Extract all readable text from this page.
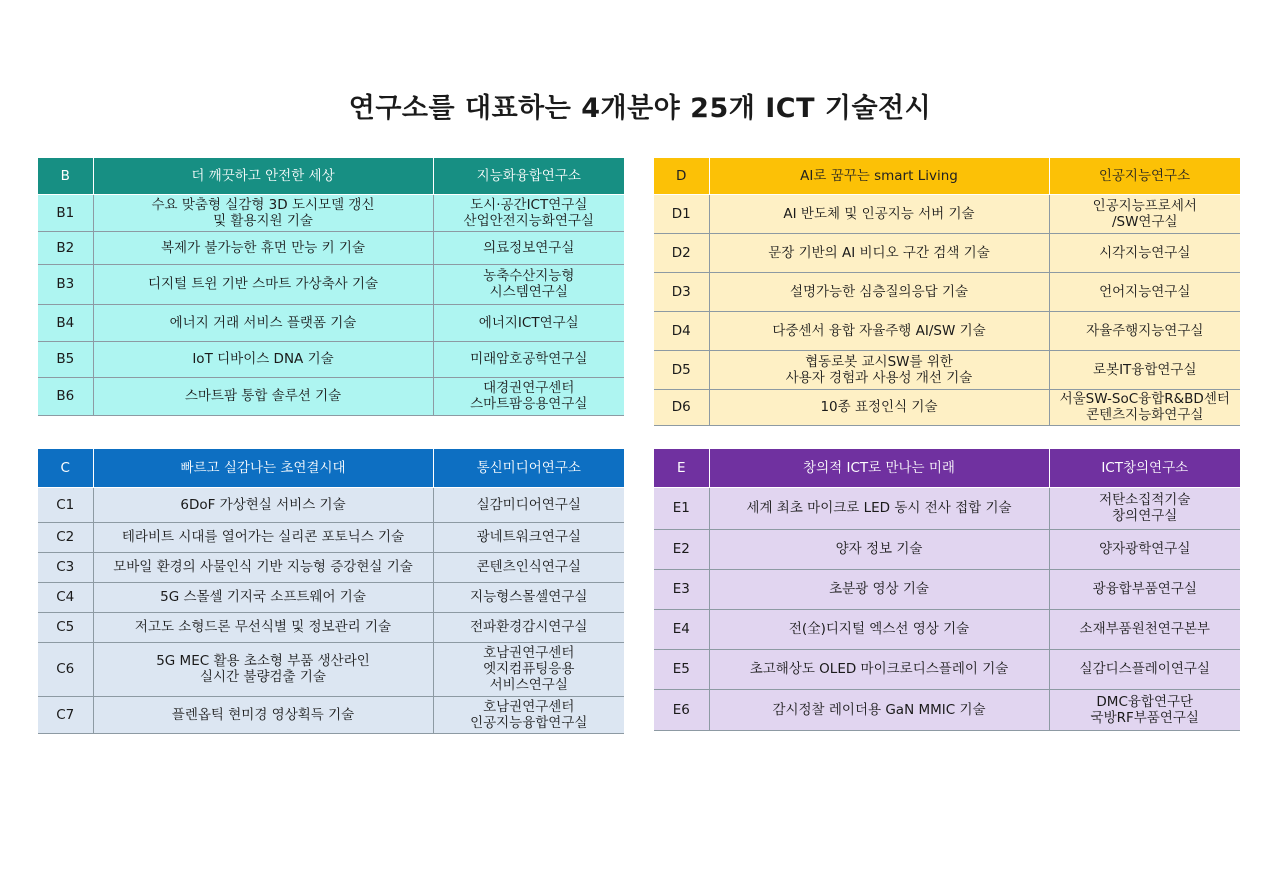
연구소를 대표하는 4개분야 25개 ICT 기술전시
B	더 깨끗하고 안전한 세상	지능화융합연구소
B1	수요 맞춤형 실감형 3D 도시모델 갱신
및 활용지원 기술	도시·공간ICT연구실
산업안전지능화연구실

B2	복제가 불가능한 휴먼 만능 키 기술	의료정보연구실

B3	디지털 트윈 기반 스마트 가상축사 기술	농축수산지능형
시스템연구실

B4	에너지 거래 서비스 플랫폼 기술	에너지ICT연구실

B5	IoT 디바이스 DNA 기술	미래암호공학연구실

B6	스마트팜 통합 솔루션 기술	대경권연구센터
스마트팜응용연구실
D	AI로 꿈꾸는 smart Living	인공지능연구소
D1	AI 반도체 및 인공지능 서버 기술	인공지능프로세서
/SW연구실

D2	문장 기반의 AI 비디오 구간 검색 기술	시각지능연구실

D3	설명가능한 심층질의응답 기술	언어지능연구실

D4	다중센서 융합 자율주행 AI/SW 기술	자율주행지능연구실

D5	협동로봇 교시SW를 위한
사용자 경험과 사용성 개선 기술	로봇IT융합연구실

D6	10종 표정인식 기술	서울SW-SoC융합R&BD센터
콘텐츠지능화연구실
C	빠르고 실감나는 초연결시대	통신미디어연구소
C1	6DoF 가상현실 서비스 기술	실감미디어연구실

C2	테라비트 시대를 열어가는 실리콘 포토닉스 기술	광네트워크연구실

C3	모바일 환경의 사물인식 기반 지능형 증강현실 기술	콘텐츠인식연구실

C4	5G 스몰셀 기지국 소프트웨어 기술	지능형스몰셀연구실

C5	저고도 소형드론 무선식별 및 정보관리 기술	전파환경감시연구실

C6	5G MEC 활용 초소형 부품 생산라인
실시간 불량검출 기술	호남권연구센터
엣지컴퓨팅응용
서비스연구실

C7	플렌옵틱 현미경 영상획득 기술	호남권연구센터
인공지능융합연구실
E	창의적 ICT로 만나는 미래	ICT창의연구소
E1	세계 최초 마이크로 LED 동시 전사 접합 기술	저탄소집적기술
창의연구실

E2	양자 정보 기술	양자광학연구실

E3	초분광 영상 기술	광융합부품연구실

E4	전(全)디지털 엑스선 영상 기술	소재부품원천연구본부

E5	초고해상도 OLED 마이크로디스플레이 기술	실감디스플레이연구실

E6	감시정찰 레이더용 GaN MMIC 기술	DMC융합연구단
국방RF부품연구실
